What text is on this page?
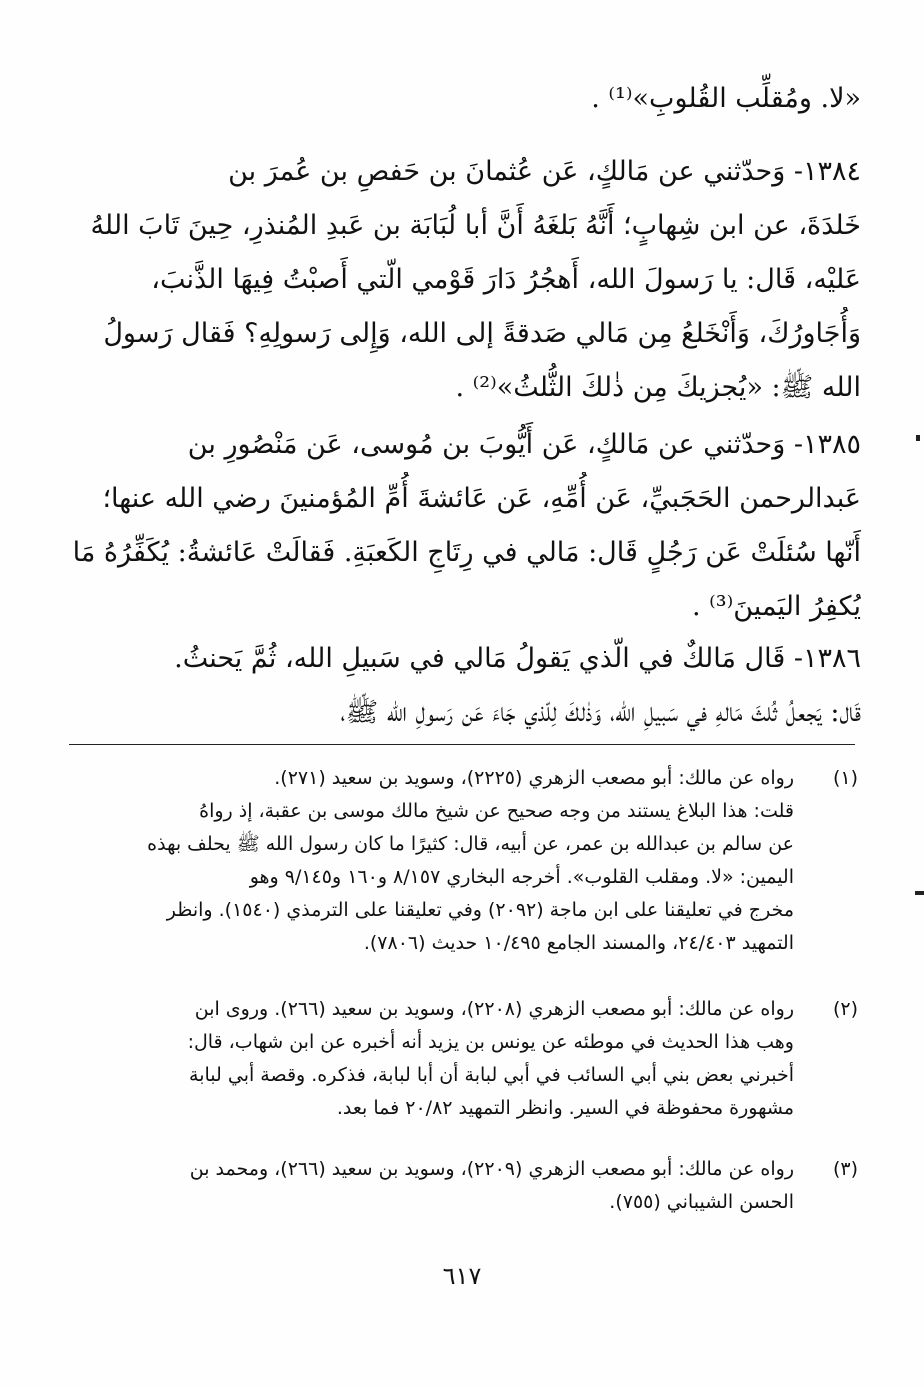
«لا. ومُقلِّب القُلوبِ»⁽¹⁾ .
١٣٨٤- وَحدّثني عن مَالكٍ، عَن عُثمانَ بن حَفصِ بن عُمرَ بن
خَلدَةَ، عن ابن شِهابٍ؛ أَنَّهُ بَلغَهُ أَنَّ أبا لُبَابَة بن عَبدِ المُنذرِ، حِينَ تَابَ اللهُ
عَليْه، قَال: يا رَسولَ الله، أَهجُرُ دَارَ قَوْمي الّتي أَصبْتُ فِيهَا الذَّنبَ،
وَأُجَاورُكَ، وَأَنْخَلعُ مِن مَالي صَدقةً إلى الله، وَإِلى رَسولِهِ؟ فَقال رَسولُ
الله ﷺ: «يُجزيكَ مِن ذٰلكَ الثُّلثُ»⁽²⁾ .
١٣٨٥- وَحدّثني عن مَالكٍ، عَن أَيُّوبَ بن مُوسى، عَن مَنْصُورِ بن
عَبدالرحمن الحَجَبيِّ، عَن أُمِّهِ، عَن عَائشةَ أُمِّ المُؤمنينَ رضي الله عنها؛
أَنّها سُئلَتْ عَن رَجُلٍ قَال: مَالي في رِتَاجِ الكَعبَةِ. فَقالَتْ عَائشةُ: يُكَفِّرُهُ مَا
يُكفِرُ اليَمينَ⁽³⁾ .
١٣٨٦- قَال مَالكٌ في الّذي يَقولُ مَالي في سَبيلِ الله، ثُمَّ يَحنثُ.
قَال: يَجعلُ ثُلثَ مَالهِ في سَبيلِ الله، وَذٰلكَ لِلّذي جَاءَ عَن رَسولِ الله ﷺ،
(١)
رواه عن مالك: أبو مصعب الزهري (٢٢٢٥)، وسويد بن سعيد (٢٧١).
قلت: هذا البلاغ يستند من وجه صحيح عن شيخ مالك موسى بن عقبة، إذ رواهُ
عن سالم بن عبدالله بن عمر، عن أبيه، قال: كثيرًا ما كان رسول الله ﷺ يحلف بهذه
اليمين: «لا. ومقلب القلوب». أخرجه البخاري ٨/١٥٧ و١٦٠ و٩/١٤٥ وهو
مخرج في تعليقنا على ابن ماجة (٢٠٩٢) وفي تعليقنا على الترمذي (١٥٤٠). وانظر
التمهيد ٢٤/٤٠٣، والمسند الجامع ١٠/٤٩٥ حديث (٧٨٠٦).
(٢)
رواه عن مالك: أبو مصعب الزهري (٢٢٠٨)، وسويد بن سعيد (٢٦٦). وروى ابن
وهب هذا الحديث في موطئه عن يونس بن يزيد أنه أخبره عن ابن شهاب، قال:
أخبرني بعض بني أبي السائب في أبي لبابة أن أبا لبابة، فذكره. وقصة أبي لبابة
مشهورة محفوظة في السير. وانظر التمهيد ٢٠/٨٢ فما بعد.
(٣)
رواه عن مالك: أبو مصعب الزهري (٢٢٠٩)، وسويد بن سعيد (٢٦٦)، ومحمد بن
الحسن الشيباني (٧٥٥).
٦١٧
